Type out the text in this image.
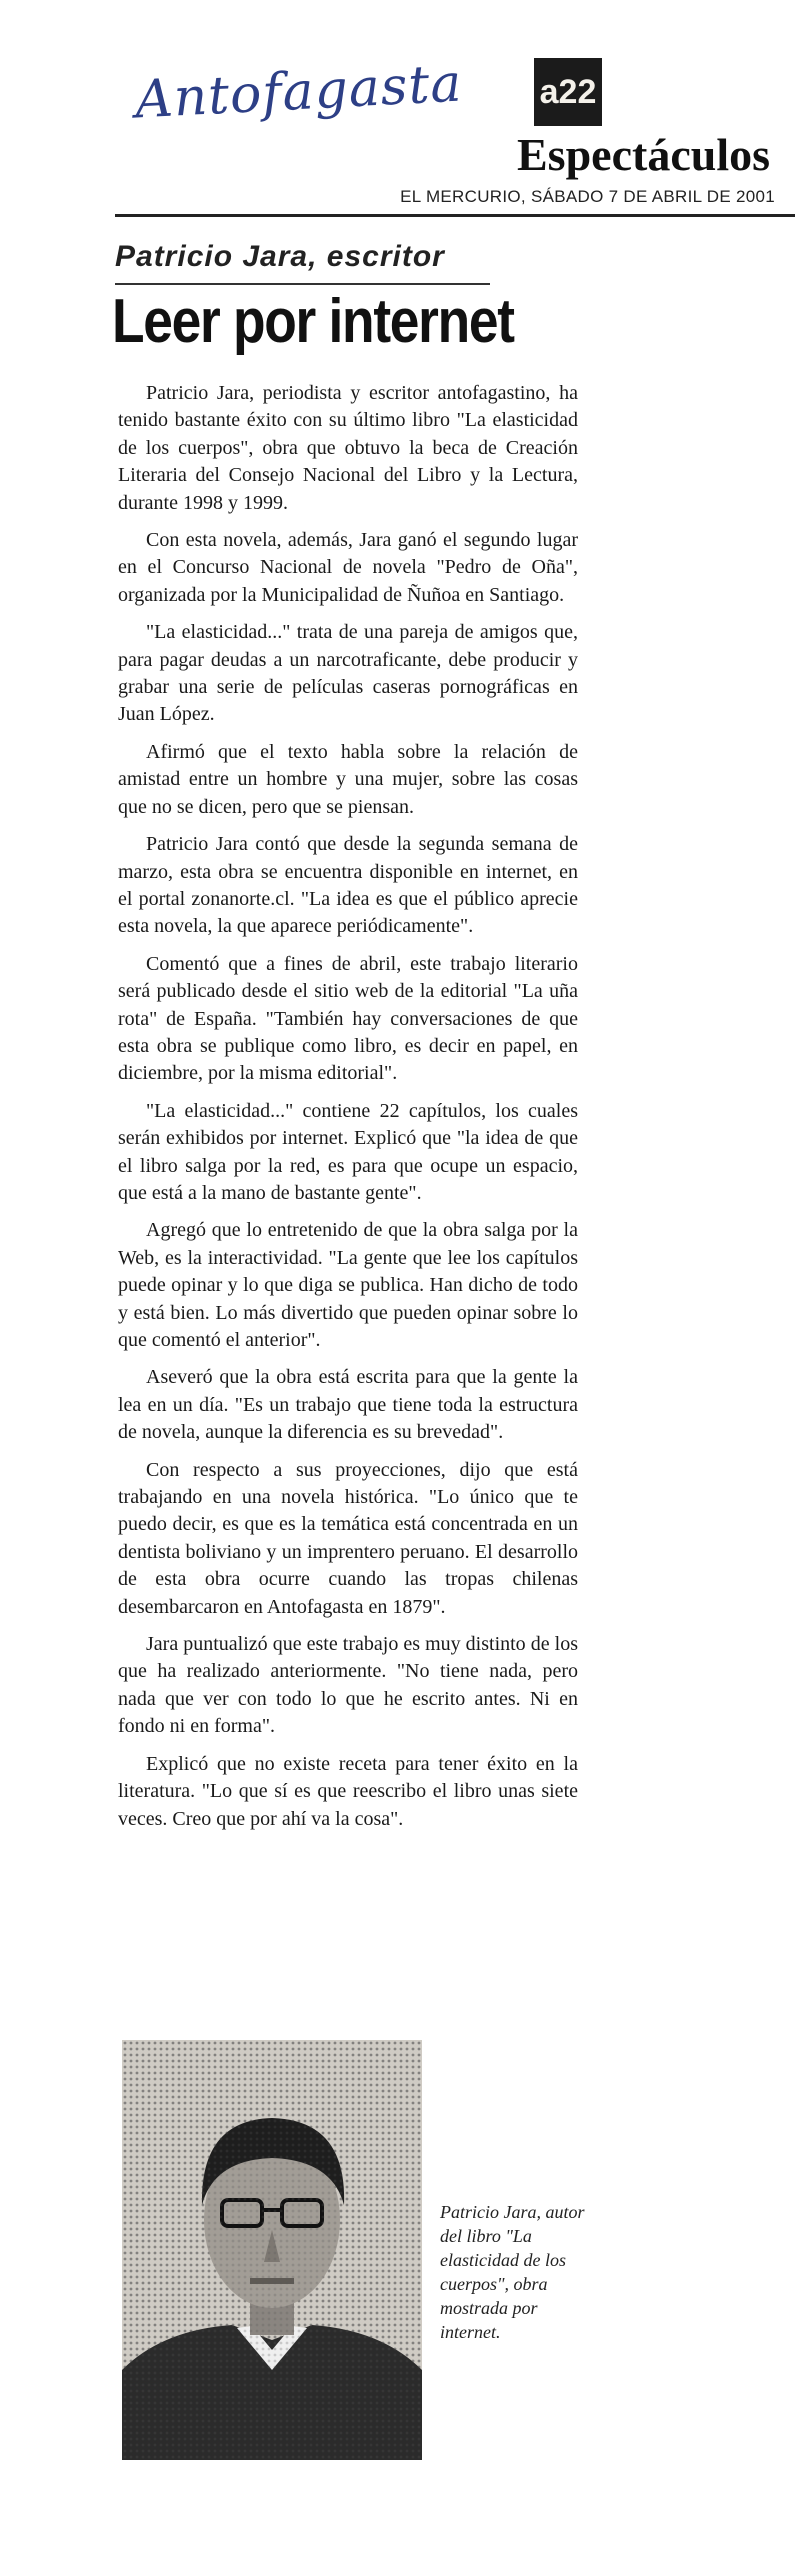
Antofagasta a22
Espectáculos
EL MERCURIO, SÁBADO 7 DE ABRIL DE 2001
Patricio Jara, escritor
Leer por internet

Patricio Jara, periodista y escritor antofagastino, ha tenido bastante éxito con su último libro "La elasticidad de los cuerpos", obra que obtuvo la beca de Creación Literaria del Consejo Nacional del Libro y la Lectura, durante 1998 y 1999.

Con esta novela, además, Jara ganó el segundo lugar en el Concurso Nacional de novela "Pedro de Oña", organizada por la Municipalidad de Ñuñoa en Santiago.

"La elasticidad..." trata de una pareja de amigos que, para pagar deudas a un narcotraficante, debe producir y grabar una serie de películas caseras pornográficas en Juan López.

Afirmó que el texto habla sobre la relación de amistad entre un hombre y una mujer, sobre las cosas que no se dicen, pero que se piensan.

Patricio Jara contó que desde la segunda semana de marzo, esta obra se encuentra disponible en internet, en el portal zonanorte.cl. "La idea es que el público aprecie esta novela, la que aparece periódicamente".

Comentó que a fines de abril, este trabajo literario será publicado desde el sitio web de la editorial "La uña rota" de España. "También hay conversaciones de que esta obra se publique como libro, es decir en papel, en diciembre, por la misma editorial".

"La elasticidad..." contiene 22 capítulos, los cuales serán exhibidos por internet. Explicó que "la idea de que el libro salga por la red, es para que ocupe un espacio, que está a la mano de bastante gente".

Agregó que lo entretenido de que la obra salga por la Web, es la interactividad. "La gente que lee los capítulos puede opinar y lo que diga se publica. Han dicho de todo y está bien. Lo más divertido que pueden opinar sobre lo que comentó el anterior".

Aseveró que la obra está escrita para que la gente la lea en un día. "Es un trabajo que tiene toda la estructura de novela, aunque la diferencia es su brevedad".

Con respecto a sus proyecciones, dijo que está trabajando en una novela histórica. "Lo único que te puedo decir, es que es la temática está concentrada en un dentista boliviano y un imprentero peruano. El desarrollo de esta obra ocurre cuando las tropas chilenas desembarcaron en Antofagasta en 1879".

Jara puntualizó que este trabajo es muy distinto de los que ha realizado anteriormente. "No tiene nada, pero nada que ver con todo lo que he escrito antes. Ni en fondo ni en forma".

Explicó que no existe receta para tener éxito en la literatura. "Lo que sí es que reescribo el libro unas siete veces. Creo que por ahí va la cosa".

Patricio Jara, autor del libro "La elasticidad de los cuerpos", obra mostrada por internet.
